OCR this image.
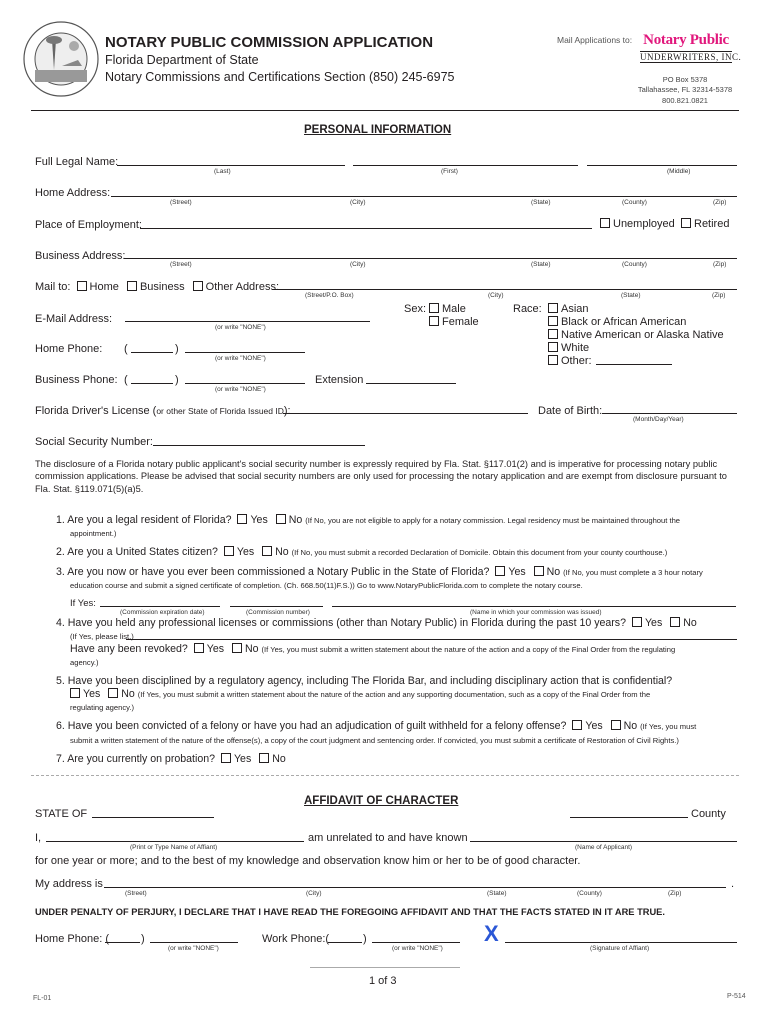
NOTARY PUBLIC COMMISSION APPLICATION
Florida Department of State
Notary Commissions and Certifications Section (850) 245-6975
Mail Applications to: Notary Public
UNDERWRITERS, INC.
PO Box 5378
Tallahassee, FL 32314-5378
800.821.0821
PERSONAL INFORMATION
Full Legal Name:
(Last)	(First)	(Middle)
Home Address:
(Street)	(City)	(State)	(County)	(Zip)
Place of Employment:	Unemployed	Retired
Business Address:
(Street)	(City)	(State)	(County)	(Zip)
Mail to: Home Business Other Address:
(Street/P.O. Box)	(City)	(State)	(Zip)
Sex:	Male
Female
Race:	Asian
Black or African American
Native American or Alaska Native
White
Other:
E-Mail Address:
(or write "NONE")
Home Phone: (	)
(or write "NONE")
Business Phone: (	)
(or write "NONE")
Extension
Florida Driver's License (or other State of Florida Issued ID):	Date of Birth:
(Month/Day/Year)
Social Security Number:
The disclosure of a Florida notary public applicant's social security number is expressly required by Fla. Stat. §117.01(2) and is imperative for processing notary public commission applications. Please be advised that social security numbers are only used for processing the notary application and are exempt from disclosure pursuant to Fla. Stat. §119.071(5)(a)5.
1. Are you a legal resident of Florida? Yes No (If No, you are not eligible to apply for a notary commission. Legal residency must be maintained throughout the
appointment.)
2. Are you a United States citizen? Yes No (If No, you must submit a recorded Declaration of Domicile. Obtain this document from your county courthouse.)
3. Are you now or have you ever been commissioned a Notary Public in the State of Florida? Yes No (If No, you must complete a 3 hour notary
education course and submit a signed certificate of completion. (Ch. 668.50(11)F.S.)) Go to www.NotaryPublicFlorida.com to complete the notary course.
If Yes:
(Commission expiration date)	(Commission number)	(Name in which your commission was issued)
4. Have you held any professional licenses or commissions (other than Notary Public) in Florida during the past 10 years? Yes No
(If Yes, please list.)
Have any been revoked? Yes No (If Yes, you must submit a written statement about the nature of the action and a copy of the Final Order from the regulating
agency.)
5. Have you been disciplined by a regulatory agency, including The Florida Bar, and including disciplinary action that is confidential?
Yes No (If Yes, you must submit a written statement about the nature of the action and any supporting documentation, such as a copy of the Final Order from the
regulating agency.)
6. Have you been convicted of a felony or have you had an adjudication of guilt withheld for a felony offense? Yes No (If Yes, you must
submit a written statement of the nature of the offense(s), a copy of the court judgment and sentencing order. If convicted, you must submit a certificate of Restoration of Civil Rights.)
7. Are you currently on probation? Yes No
AFFIDAVIT OF CHARACTER
STATE OF	County
I,
(Print or Type Name of Affiant)
am unrelated to and have known
(Name of Applicant)
for one year or more; and to the best of my knowledge and observation know him or her to be of good character.
My address is	.
(Street)	(City)	(State)	(County)	(Zip)
UNDER PENALTY OF PERJURY, I DECLARE THAT I HAVE READ THE FOREGOING AFFIDAVIT AND THAT THE FACTS STATED IN IT ARE TRUE.
Home Phone: (	)
(or write "NONE")
Work Phone:(	)
(or write "NONE")
X
(Signature of Affiant)
1 of 3
FL-01	P-514
